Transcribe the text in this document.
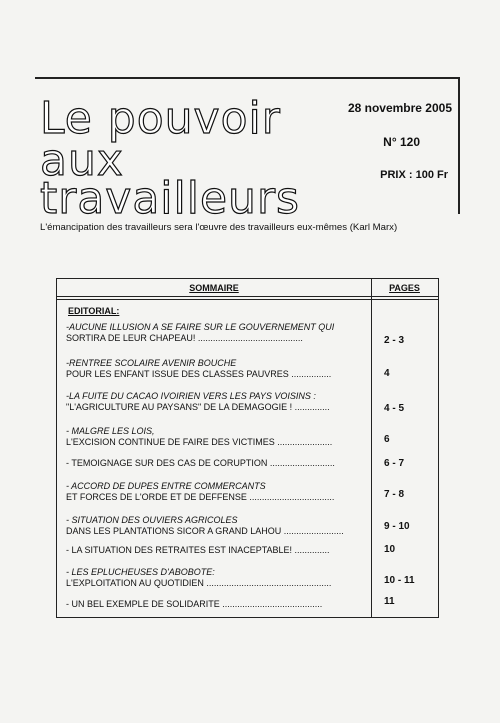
Le pouvoir
aux
travailleurs
28 novembre 2005
N° 120
PRIX : 100 Fr
L'émancipation des travailleurs sera l'œuvre des travailleurs eux-mêmes (Karl Marx)
SOMMAIRE	PAGES
EDITORIAL:
-AUCUNE ILLUSION A SE FAIRE SUR LE GOUVERNEMENT QUI
SORTIRA DE LEUR CHAPEAU! ..........................................	2 - 3
-RENTREE SCOLAIRE AVENIR BOUCHE
POUR LES ENFANT ISSUE DES CLASSES PAUVRES ................	4
-LA FUITE DU CACAO IVOIRIEN VERS LES PAYS VOISINS :
"L'AGRICULTURE AU PAYSANS" DE LA DEMAGOGIE ! ..............	4 - 5
- MALGRE LES LOIS,
L'EXCISION CONTINUE DE FAIRE DES VICTIMES ......................	6
- TEMOIGNAGE SUR DES CAS DE CORUPTION ..........................	6 - 7
- ACCORD DE DUPES ENTRE COMMERCANTS
ET FORCES DE L'ORDE ET DE DEFFENSE ..................................	7 - 8
- SITUATION DES OUVIERS AGRICOLES
DANS LES PLANTATIONS SICOR A GRAND LAHOU ........................	9 - 10
- LA SITUATION DES RETRAITES EST INACEPTABLE! ..............	10
- LES EPLUCHEUSES D'ABOBOTE:
L'EXPLOITATION AU QUOTIDIEN ..................................................	10 - 11
- UN BEL EXEMPLE DE SOLIDARITE ........................................	11
